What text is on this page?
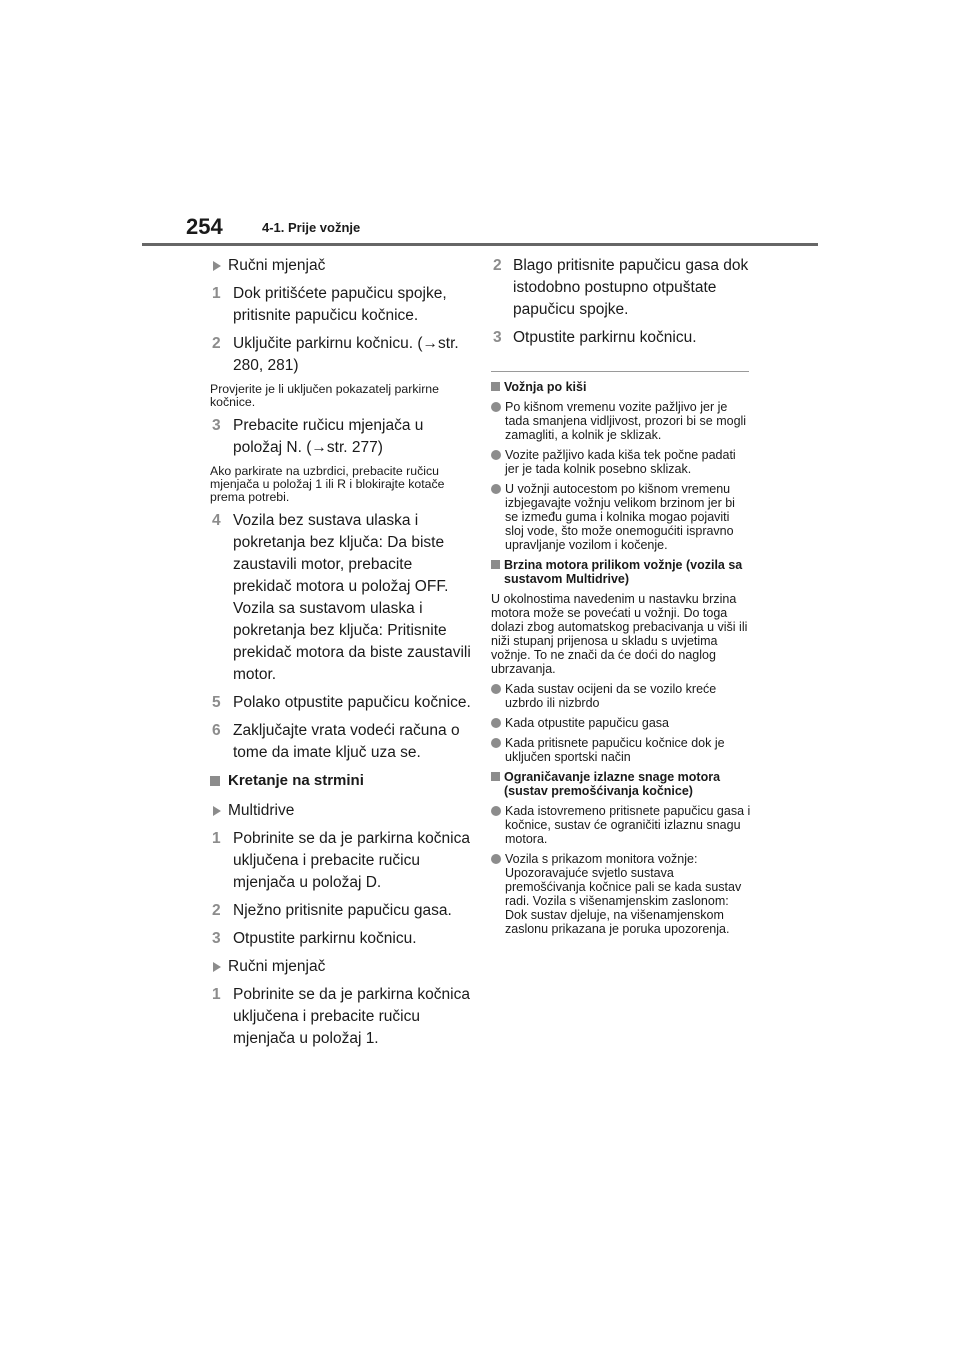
254	4-1. Prije vožnje
Ručni mjenjač
1 Dok pritišćete papučicu spojke, pritisnite papučicu kočnice.
2 Uključite parkirnu kočnicu. (→str. 280, 281)
Provjerite je li uključen pokazatelj parkirne kočnice.
3 Prebacite ručicu mjenjača u položaj N. (→str. 277)
Ako parkirate na uzbrdici, prebacite ručicu mjenjača u položaj 1 ili R i blokirajte kotače prema potrebi.
4 Vozila bez sustava ulaska i pokretanja bez ključa: Da biste zaustavili motor, prebacite prekidač motora u položaj OFF. Vozila sa sustavom ulaska i pokretanja bez ključa: Pritisnite prekidač motora da biste zaustavili motor.
5 Polako otpustite papučicu kočnice.
6 Zaključajte vrata vodeći računa o tome da imate ključ uza se.
Kretanje na strmini
Multidrive
1 Pobrinite se da je parkirna kočnica uključena i prebacite ručicu mjenjača u položaj D.
2 Nježno pritisnite papučicu gasa.
3 Otpustite parkirnu kočnicu.
Ručni mjenjač
1 Pobrinite se da je parkirna kočnica uključena i prebacite ručicu mjenjača u položaj 1.
2 Blago pritisnite papučicu gasa dok istodobno postupno otpuštate papučicu spojke.
3 Otpustite parkirnu kočnicu.
Vožnja po kiši
Po kišnom vremenu vozite pažljivo jer je tada smanjena vidljivost, prozori bi se mogli zamagliti, a kolnik je sklizak.
Vozite pažljivo kada kiša tek počne padati jer je tada kolnik posebno sklizak.
U vožnji autocestom po kišnom vremenu izbjegavajte vožnju velikom brzinom jer bi se između guma i kolnika mogao pojaviti sloj vode, što može onemogućiti ispravno upravljanje vozilom i kočenje.
Brzina motora prilikom vožnje (vozila sa sustavom Multidrive)
U okolnostima navedenim u nastavku brzina motora može se povećati u vožnji. Do toga dolazi zbog automatskog prebacivanja u viši ili niži stupanj prijenosa u skladu s uvjetima vožnje. To ne znači da će doći do naglog ubrzavanja.
Kada sustav ocijeni da se vozilo kreće uzbrdo ili nizbrdo
Kada otpustite papučicu gasa
Kada pritisnete papučicu kočnice dok je uključen sportski način
Ograničavanje izlazne snage motora (sustav premošćivanja kočnice)
Kada istovremeno pritisnete papučicu gasa i kočnice, sustav će ograničiti izlaznu snagu motora.
Vozila s prikazom monitora vožnje: Upozoravajuće svjetlo sustava premošćivanja kočnice pali se kada sustav radi. Vozila s višenamjenskim zaslonom: Dok sustav djeluje, na višenamjenskom zaslonu prikazana je poruka upozorenja.
